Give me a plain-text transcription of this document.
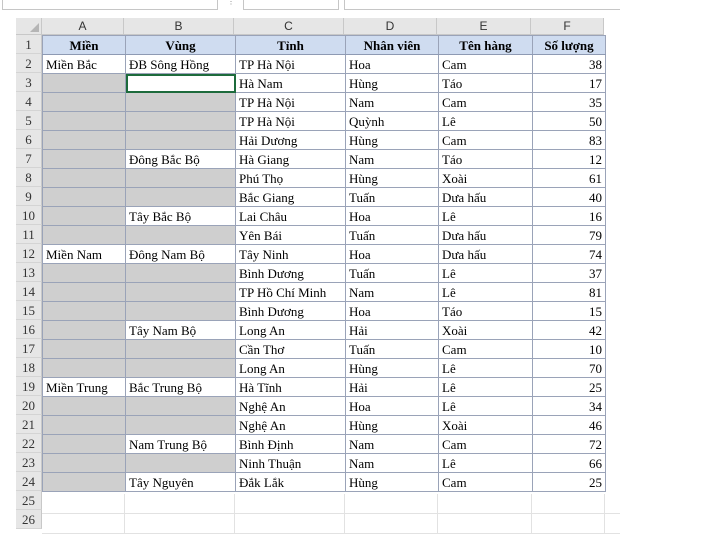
⋮
A	B	C	D	E	F
1
2
3
4
5
6
7
8
9
10
11
12
13
14
15
16
17
18
19
20
21
22
23
24
25
26
Miền	Vùng	Tỉnh	Nhân viên	Tên hàng	Số lượng
Miền Bắc	ĐB Sông Hồng	TP Hà Nội	Hoa	Cam	38
		Hà Nam	Hùng	Táo	17
		TP Hà Nội	Nam	Cam	35
		TP Hà Nội	Quỳnh	Lê	50
		Hải Dương	Hùng	Cam	83
	Đông Bắc Bộ	Hà Giang	Nam	Táo	12
		Phú Thọ	Hùng	Xoài	61
		Bắc Giang	Tuấn	Dưa hấu	40
	Tây Bắc Bộ	Lai Châu	Hoa	Lê	16
		Yên Bái	Tuấn	Dưa hấu	79
Miền Nam	Đông Nam Bộ	Tây Ninh	Hoa	Dưa hấu	74
		Bình Dương	Tuấn	Lê	37
		TP Hồ Chí Minh	Nam	Lê	81
		Bình Dương	Hoa	Táo	15
	Tây Nam Bộ	Long An	Hải	Xoài	42
		Cần Thơ	Tuấn	Cam	10
		Long An	Hùng	Lê	70
Miền Trung	Bắc Trung Bộ	Hà Tĩnh	Hải	Lê	25
		Nghệ An	Hoa	Lê	34
		Nghệ An	Hùng	Xoài	46
	Nam Trung Bộ	Bình Định	Nam	Cam	72
		Ninh Thuận	Nam	Lê	66
	Tây Nguyên	Đắk Lắk	Hùng	Cam	25
